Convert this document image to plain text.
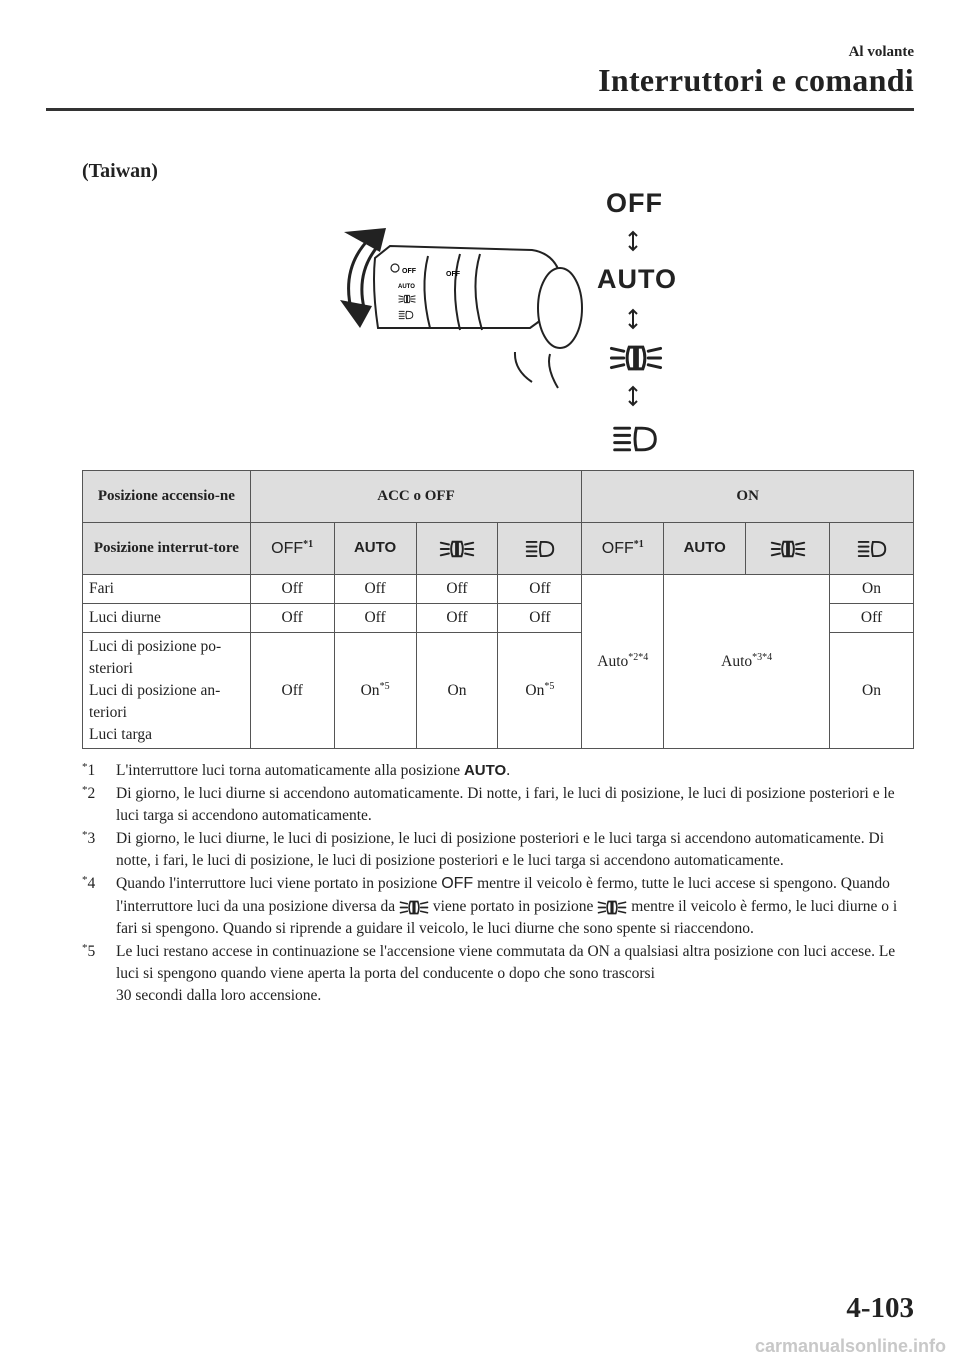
Al volante
Interruttori e comandi
(Taiwan)
OFF
AUTO
OFF
OFF
AUTO
Posizione accensio-ne	ACC o OFF				ON			
Posizione interrut-tore	OFF$^{*1}$	AUTO			OFF$^{*1}$	AUTO		
Fari	Off	Off	Off	Off	Auto$^{*2*4}$	Auto$^{*3*4}$		On
Luci diurne	Off	Off	Off	Off				Off

Luci di posizione po-
steriori
Luci di posizione an-
teriori
Luci targa	Off	On$^{*5}$	On	On$^{*5}$				On
*1 L'interruttore luci torna automaticamente alla posizione AUTO.
*2 Di giorno, le luci diurne si accendono automaticamente. Di notte, i fari, le luci di posizione, le luci di posizione posteriori e le luci targa si accendono automaticamente.
*3 Di giorno, le luci diurne, le luci di posizione, le luci di posizione posteriori e le luci targa si accendono automaticamente. Di notte, i fari, le luci di posizione, le luci di posizione posteriori e le luci targa si accendono automaticamente.
*4 Quando l'interruttore luci viene portato in posizione OFF mentre il veicolo è fermo, tutte le luci accese si spengono. Quando l'interruttore luci da una posizione diversa da  viene portato in posizione  mentre il veicolo è fermo, le luci diurne o i fari si spengono. Quando si riprende a guidare il veicolo, le luci diurne che sono spente si riaccendono.
*5 Le luci restano accese in continuazione se l'accensione viene commutata da ON a qualsiasi altra posizione con luci accese. Le luci si spengono quando viene aperta la porta del conducente o dopo che sono trascorsi
30 secondi dalla loro accensione.
4-103
carmanualsonline.info
